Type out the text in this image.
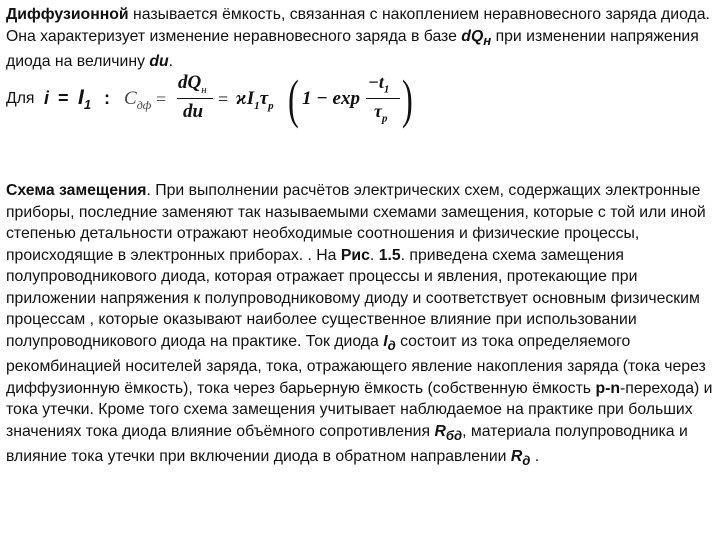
Диффузионной называется ёмкость, связанная с накоплением неравновесного заряда диода. Она характеризует изменение неравновесного заряда в базе $dQ_н$ при изменении напряжения диода на величину du.
Для $i = I_1$ : $C_{дф}$ =
$dQ_н$
du
= $ϰI_1\tau_p$ ( 1 − exp
$-t_1$
$\tau_p$ )
Схема замещения. При выполнении расчётов электрических схем, содержащих электронные приборы, последние заменяют так называемыми схемами замещения, которые с той или иной степенью детальности отражают необходимые соотношения и физические процессы, происходящие в электронных приборах. . На Рис. 1.5. приведена схема замещения полупроводникового диода, которая отражает процессы и явления, протекающие при приложении напряжения к полупроводниковому диоду и соответствует основным физическим процессам , которые оказывают наиболее существенное влияние при использовании полупроводникового диода на практике. Ток диода $I_д$ состоит из тока определяемого рекомбинацией носителей заряда, тока, отражающего явление накопления заряда (тока через диффузионную ёмкость), тока через барьерную ёмкость (собственную ёмкость p-n-перехода) и тока утечки. Кроме того схема замещения учитывает наблюдаемое на практике при больших значениях тока диода влияние объёмного сопротивления $R_{бд}$, материала полупроводника и влияние тока утечки при включении диода в обратном направлении $R_д$ .
